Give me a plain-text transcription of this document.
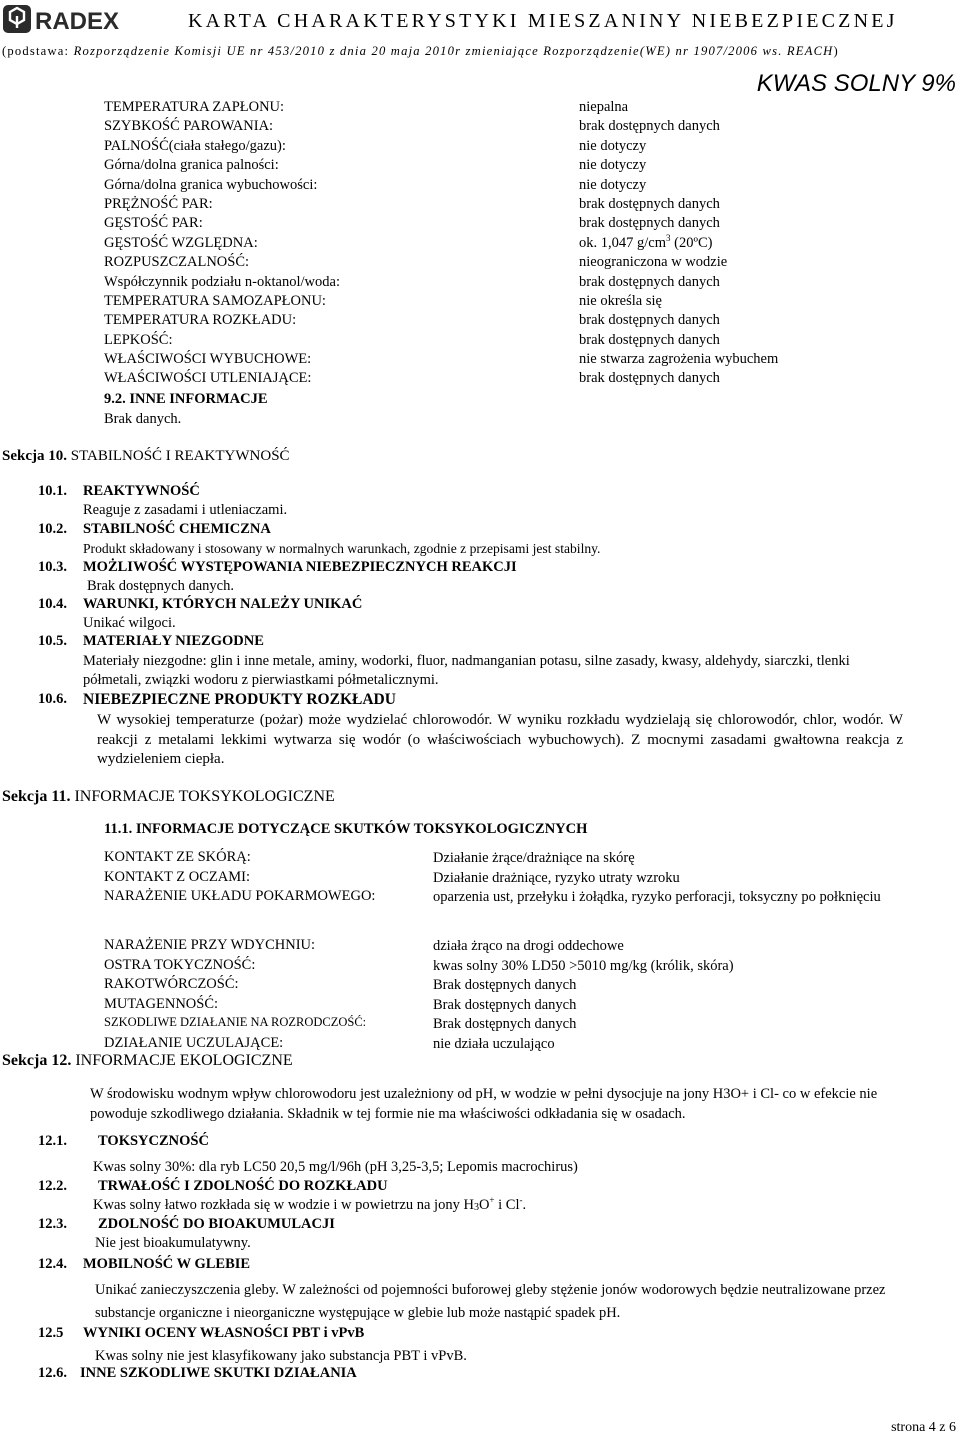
RADEX	KARTA CHARAKTERYSTYKI MIESZANINY NIEBEZPIECZNEJ
(podstawa: Rozporządzenie Komisji UE nr 453/2010 z dnia 20 maja 2010r zmieniające Rozporządzenie(WE) nr 1907/2006 ws. REACH)
KWAS SOLNY 9%
TEMPERATURA ZAPŁONU:	niepalna
SZYBKOŚĆ PAROWANIA:	brak dostępnych danych
PALNOŚĆ(ciała stałego/gazu):	nie dotyczy
Górna/dolna granica palności:	nie dotyczy
Górna/dolna granica wybuchowości:	nie dotyczy
PRĘŻNOŚĆ PAR:	brak dostępnych danych
GĘSTOŚĆ PAR:	brak dostępnych danych
GĘSTOŚĆ WZGLĘDNA:	ok. 1,047 $g/cm^3$ (20ºC)
ROZPUSZCZALNOŚĆ:	nieograniczona w wodzie
Współczynnik podziału n-oktanol/woda:	brak dostępnych danych
TEMPERATURA SAMOZAPŁONU:	nie określa się
TEMPERATURA ROZKŁADU:	brak dostępnych danych
LEPKOŚĆ:	brak dostępnych danych
WŁAŚCIWOŚCI WYBUCHOWE:	nie stwarza zagrożenia wybuchem
WŁAŚCIWOŚCI UTLENIAJĄCE:	brak dostępnych danych
9.2. INNE INFORMACJE
Brak danych.
Sekcja 10. STABILNOŚĆ I REAKTYWNOŚĆ
10.1. REAKTYWNOŚĆ
Reaguje z zasadami i utleniaczami.
10.2. STABILNOŚĆ CHEMICZNA
Produkt składowany i stosowany w normalnych warunkach, zgodnie z przepisami jest stabilny.
10.3. MOŻLIWOŚĆ WYSTĘPOWANIA NIEBEZPIECZNYCH REAKCJI
Brak dostępnych danych.
10.4. WARUNKI, KTÓRYCH NALEŻY UNIKAĆ
Unikać wilgoci.
10.5. MATERIAŁY NIEZGODNE
Materiały niezgodne: glin i inne metale, aminy, wodorki, fluor, nadmanganian potasu, silne zasady, kwasy, aldehydy, siarczki, tlenki półmetali, związki wodoru z pierwiastkami półmetalicznymi.
10.6. NIEBEZPIECZNE PRODUKTY ROZKŁADU
W wysokiej temperaturze (pożar) może wydzielać chlorowodór. W wyniku rozkładu wydzielają się chlorowodór, chlor, wodór. W reakcji z metalami lekkimi wytwarza się wodór (o właściwościach wybuchowych). Z mocnymi zasadami gwałtowna reakcja z wydzieleniem ciepła.
Sekcja 11. INFORMACJE TOKSYKOLOGICZNE
11.1. INFORMACJE DOTYCZĄCE SKUTKÓW TOKSYKOLOGICZNYCH
KONTAKT ZE SKÓRĄ:	Działanie żrące/drażniące na skórę
KONTAKT Z OCZAMI:	Działanie drażniące, ryzyko utraty wzroku
NARAŻENIE UKŁADU POKARMOWEGO:	oparzenia ust, przełyku i żołądka, ryzyko perforacji, toksyczny po połknięciu
NARAŻENIE PRZY WDYCHNIU:	działa żrąco na drogi oddechowe
OSTRA TOKYCZNOŚĆ:	kwas solny 30% LD50 >5010 mg/kg (królik, skóra)
RAKOTWÓRCZOŚĆ:	Brak dostępnych danych
MUTAGENNOŚĆ:	Brak dostępnych danych
SZKODLIWE DZIAŁANIE NA ROZRODCZOŚĆ:	Brak dostępnych danych
DZIAŁANIE UCZULAJĄCE:	nie działa uczulająco
Sekcja 12. INFORMACJE EKOLOGICZNE
W środowisku wodnym wpływ chlorowodoru jest uzależniony od pH, w wodzie w pełni dysocjuje na jony H3O+ i Cl- co w efekcie nie powoduje szkodliwego działania. Składnik w tej formie nie ma właściwości odkładania się w osadach.
12.1. TOKSYCZNOŚĆ
Kwas solny 30%: dla ryb LC50 20,5 mg/l/96h (pH 3,25-3,5; Lepomis macrochirus)
12.2. TRWAŁOŚĆ I ZDOLNOŚĆ DO ROZKŁADU
Kwas solny łatwo rozkłada się w wodzie i w powietrzu na jony H3O+ i Cl-.
12.3. ZDOLNOŚĆ DO BIOAKUMULACJI
Nie jest bioakumulatywny.
12.4. MOBILNOŚĆ W GLEBIE
Unikać zanieczyszczenia gleby. W zależności od pojemności buforowej gleby stężenie jonów wodorowych będzie neutralizowane przez substancje organiczne i nieorganiczne występujące w glebie lub może nastąpić spadek pH.
12.5 WYNIKI OCENY WŁASNOŚCI PBT i vPvB
Kwas solny nie jest klasyfikowany jako substancja PBT i vPvB.
12.6. INNE SZKODLIWE SKUTKI DZIAŁANIA
strona 4 z 6
